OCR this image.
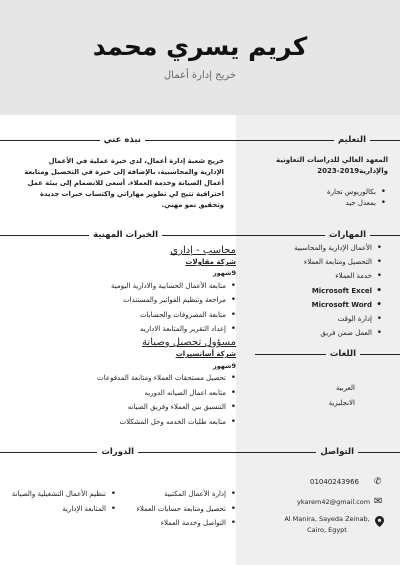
كريم يسري محمد
خريج إدارة أعمال
نبذه عني	التعليم
المعهد العالي للدراسات التعاونية والإدارية2019-2023
• بكالوريوس تجارة
• بمعدل جيد
خريج شعبة إدارة أعمال، لدي خبرة عملية في الأعمال الإدارية والمحاسبية، بالإضافة إلى خبرة في التحصيل ومتابعة أعمال الصيانة وخدمة العملاء. أسعى للانضمام إلى بيئة عمل احترافية تتيح لي تطوير مهاراتي واكتساب خبرات جديدة وتحقيق نمو مهني.
الخبرات المهنية	المهارات
• الأعمال الإدارية والمحاسبية
• التحصيل ومتابعة العملاء
• خدمة العملاء
• Microsoft Excel
• Microsoft Word
• إدارة الوقت
• العمل ضمن فريق
محاسب - إداري
شركة مقاولات
9شهور
• متابعة الأعمال الحسابية والادارية اليومية
• مراجعة وتنظيم الفواتير والمستندات
• متابعة المصروفات والحسابات
• إعداد التقرير والمتابعة الاداريه
مسؤول تحصيل وصيانة
شركة أسانسيرات
9شهور
• تحصيل مستحقات العملاء ومتابعة المدفوعات
• متابعه اعمال الصيانه الدوريه
• التنسيق بين العملاء وفريق الصيانه
• متابعه طلبات الخدمه وحل المشكلات
اللغات
العربية
الانجليزية
الدورات	التواصل
• إدارة الأعمال المكتبية
• تحصيل ومتابعة حسابات العملاء
• التواصل وخدمة العملاء
• تنظيم الأعمال التشغيلية والصيانة
• المتابعة الإدارية
✆
01040243966
✉
ykarem42@gmail.com
Al Manira, Sayeda Zeinab, Cairo, Egypt
